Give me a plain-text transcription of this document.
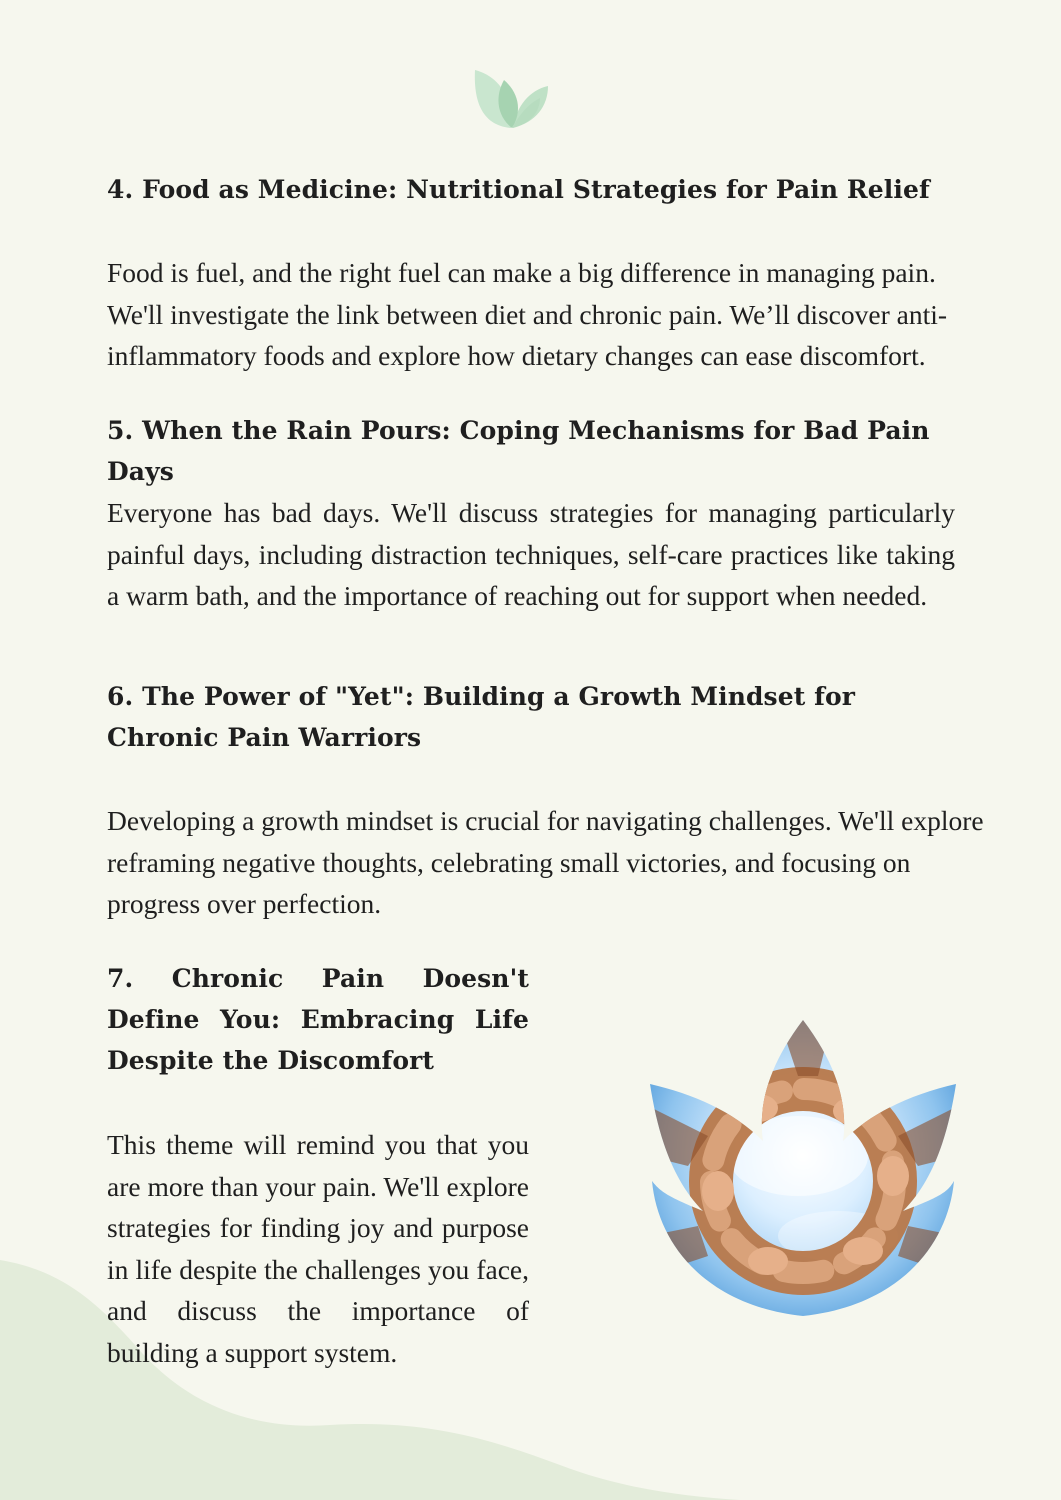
4. Food as Medicine: Nutritional Strategies for Pain Relief

Food is fuel, and the right fuel can make a big difference in managing pain. We'll investigate the link between diet and chronic pain. We’ll discover anti-inflammatory foods and explore how dietary changes can ease discomfort.

5. When the Rain Pours: Coping Mechanisms for Bad Pain Days

Everyone has bad days. We'll discuss strategies for managing particularly painful days, including distraction techniques, self-care practices like taking a warm bath, and the importance of reaching out for support when needed.

6. The Power of "Yet": Building a Growth Mindset for Chronic Pain Warriors

Developing a growth mindset is crucial for navigating challenges. We'll explore reframing negative thoughts, celebrating small victories, and focusing on progress over perfection.

7. Chronic Pain Doesn't Define You: Embracing Life Despite the Discomfort

This theme will remind you that you are more than your pain. We'll explore strategies for finding joy and purpose in life despite the challenges you face, and discuss the importance of building a support system.
